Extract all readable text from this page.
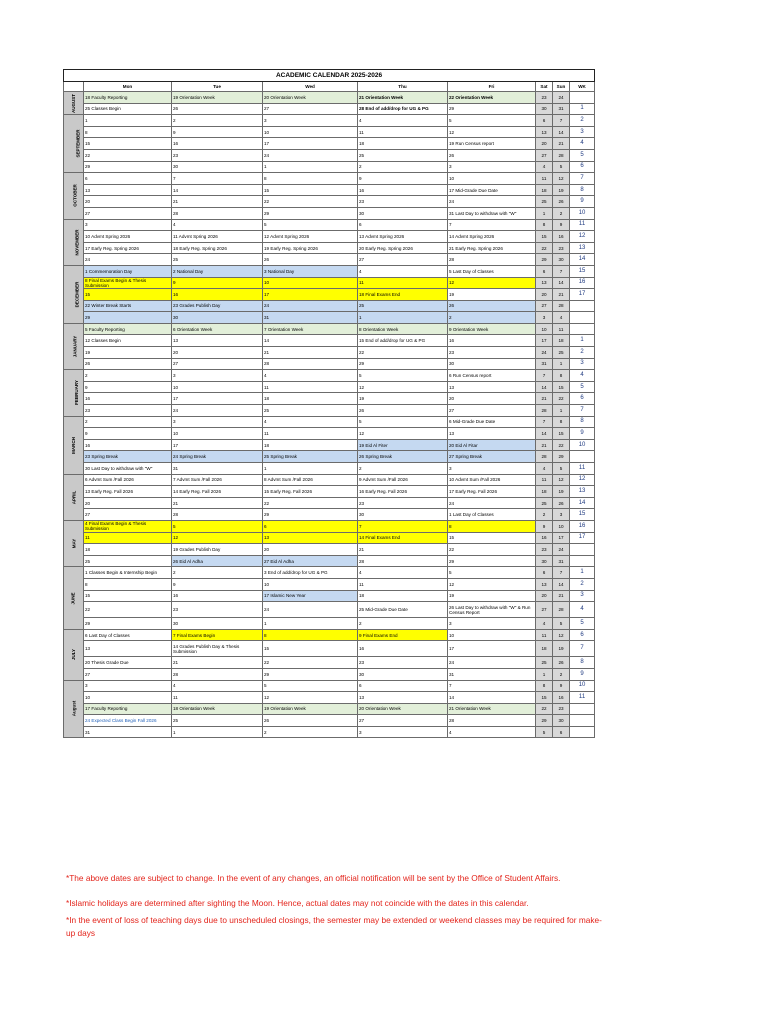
ACADEMIC CALENDAR 2025-2026								
	Mon	Tue	Wed	Thu	Fri	Sat	Sun	WK
AUGUST	18 Faculty Reporting	19 Orientation Week	20 Orientation Week	21 Orientation Week	22 Orientation Week	23	24	
	25 Classes Begin	26	27	28 End of add/drop for UG & PG	29	30	31	1
SEPTEMBER	1	2	3	4	5	6	7	2
	8	9	10	11	12	13	14	3
	15	16	17	18	19 Run Census report	20	21	4
	22	23	24	25	26	27	28	5
	29	30	1	2	3	4	5	6
OCTOBER	6	7	8	9	10	11	12	7
	13	14	15	16	17 Mid-Grade Due Date	18	19	8
	20	21	22	23	24	25	26	9
	27	28	29	30	31 Last Day to withdraw with "W"	1	2	10
NOVEMBER	3	4	5	6	7	8	9	11
	10 Advmt Spring 2026	11 Advmt Spring 2026	12 Advmt Spring 2026	13 Advmt Spring 2026	14 Advmt Spring 2026	15	16	12
	17 Early Reg. Spring 2026	18 Early Reg. Spring 2026	19 Early Reg. Spring 2026	20 Early Reg. Spring 2026	21 Early Reg. Spring 2026	22	23	13
	24	25	26	27	28	29	30	14
DECEMBER	1 Commemoration Day	2 National Day	3 National Day	4	5 Last Day of Classes	6	7	15
	8 Final Exams Begin & Thesis Submission	9	10	11	12	13	14	16
	15	16	17	18 Final Exams End	19	20	21	17
	22 Winter Break Starts	23 Grades Publish Day	24	25	26	27	28	
	29	30	31	1	2	3	4	
JANUARY	5 Faculty Reporting	6 Orientation Week	7 Orientation Week	8 Orientation Week	9 Orientation Week	10	11	
	12 Classes Begin	13	14	15 End of add/drop for UG & PG	16	17	18	1
	19	20	21	22	23	24	25	2
	26	27	28	29	30	31	1	3
FEBRUARY	2	3	4	5	6 Run Census report	7	8	4
	9	10	11	12	13	14	15	5
	16	17	18	19	20	21	22	6
	23	24	25	26	27	28	1	7
MARCH	2	3	4	5	6 Mid-Grade Due Date	7	8	8
	9	10	11	12	13	14	15	9
	16	17	18	19 Eid Al Fiter	20 Eid Al Fitar	21	22	10
	23 Spring Break	24 Spring Break	25 Spring Break	26 Spring Break	27 Spring Break	28	29	
	30 Last Day to withdraw with "W"	31	1	2	3	4	5	11
APRIL	6 Advmt Sum /Fall 2026	7 Advmt Sum /Fall 2026	8 Advmt Sum /Fall 2026	9 Advmt Sum /Fall 2026	10 Advmt Sum /Fall 2026	11	12	12
	13 Early Reg. Fall 2026	14 Early Reg. Fall 2026	15 Early Reg. Fall 2026	16 Early Reg. Fall 2026	17 Early Reg. Fall 2026	18	19	13
	20	21	22	23	24	25	26	14
	27	28	29	30	1 Last Day of Classes	2	3	15
MAY	4 Final Exams Begin & Thesis Submission	5	6	7	8	9	10	16
	11	12	13	14 Final Exams End	15	16	17	17
	18	19 Grades Publish Day	20	21	22	23	24	
	25	26 Eid Al Adha	27 Eid Al Adha	28	29	30	31	
JUNE	1 Classes Begin & Internship Begin	2	3 End of add/drop for UG & PG	4	5	6	7	1
	8	9	10	11	12	13	14	2
	15	16	17 Islamic New Year	18	19	20	21	3
	22	23	24	25 Mid-Grade Due Date	26 Last Day to withdraw with "W" & Run Census Report	27	28	4
	29	30	1	2	3	4	5	5
JULY	6 Last Day of Classes	7 Final Exams Begin	8	9 Final Exams End	10	11	12	6
	13	14 Grades Publish Day & Thesis Submission	15	16	17	18	19	7
	20 Thesis Grade Due	21	22	23	24	25	26	8
	27	28	29	30	31	1	2	9
August	3	4	5	6	7	8	9	10
	10	11	12	13	14	15	16	11
	17 Faculty Reporting	18 Orientation Week	19 Orientation Week	20 Orientation Week	21 Orientation Week	22	23	
	24 Expected Class Begin Fall 2026	25	26	27	28	29	30	
	31	1	2	3	4	5	6	

*The above dates are subject to change. In the event of any changes, an official notification will be sent by the Office of Student Affairs.

*Islamic holidays are determined after sighting the Moon. Hence, actual dates may not coincide with the dates in this calendar.

*In the event of loss of teaching days due to unscheduled closings, the semester may be extended or weekend classes may be required for make-up days
